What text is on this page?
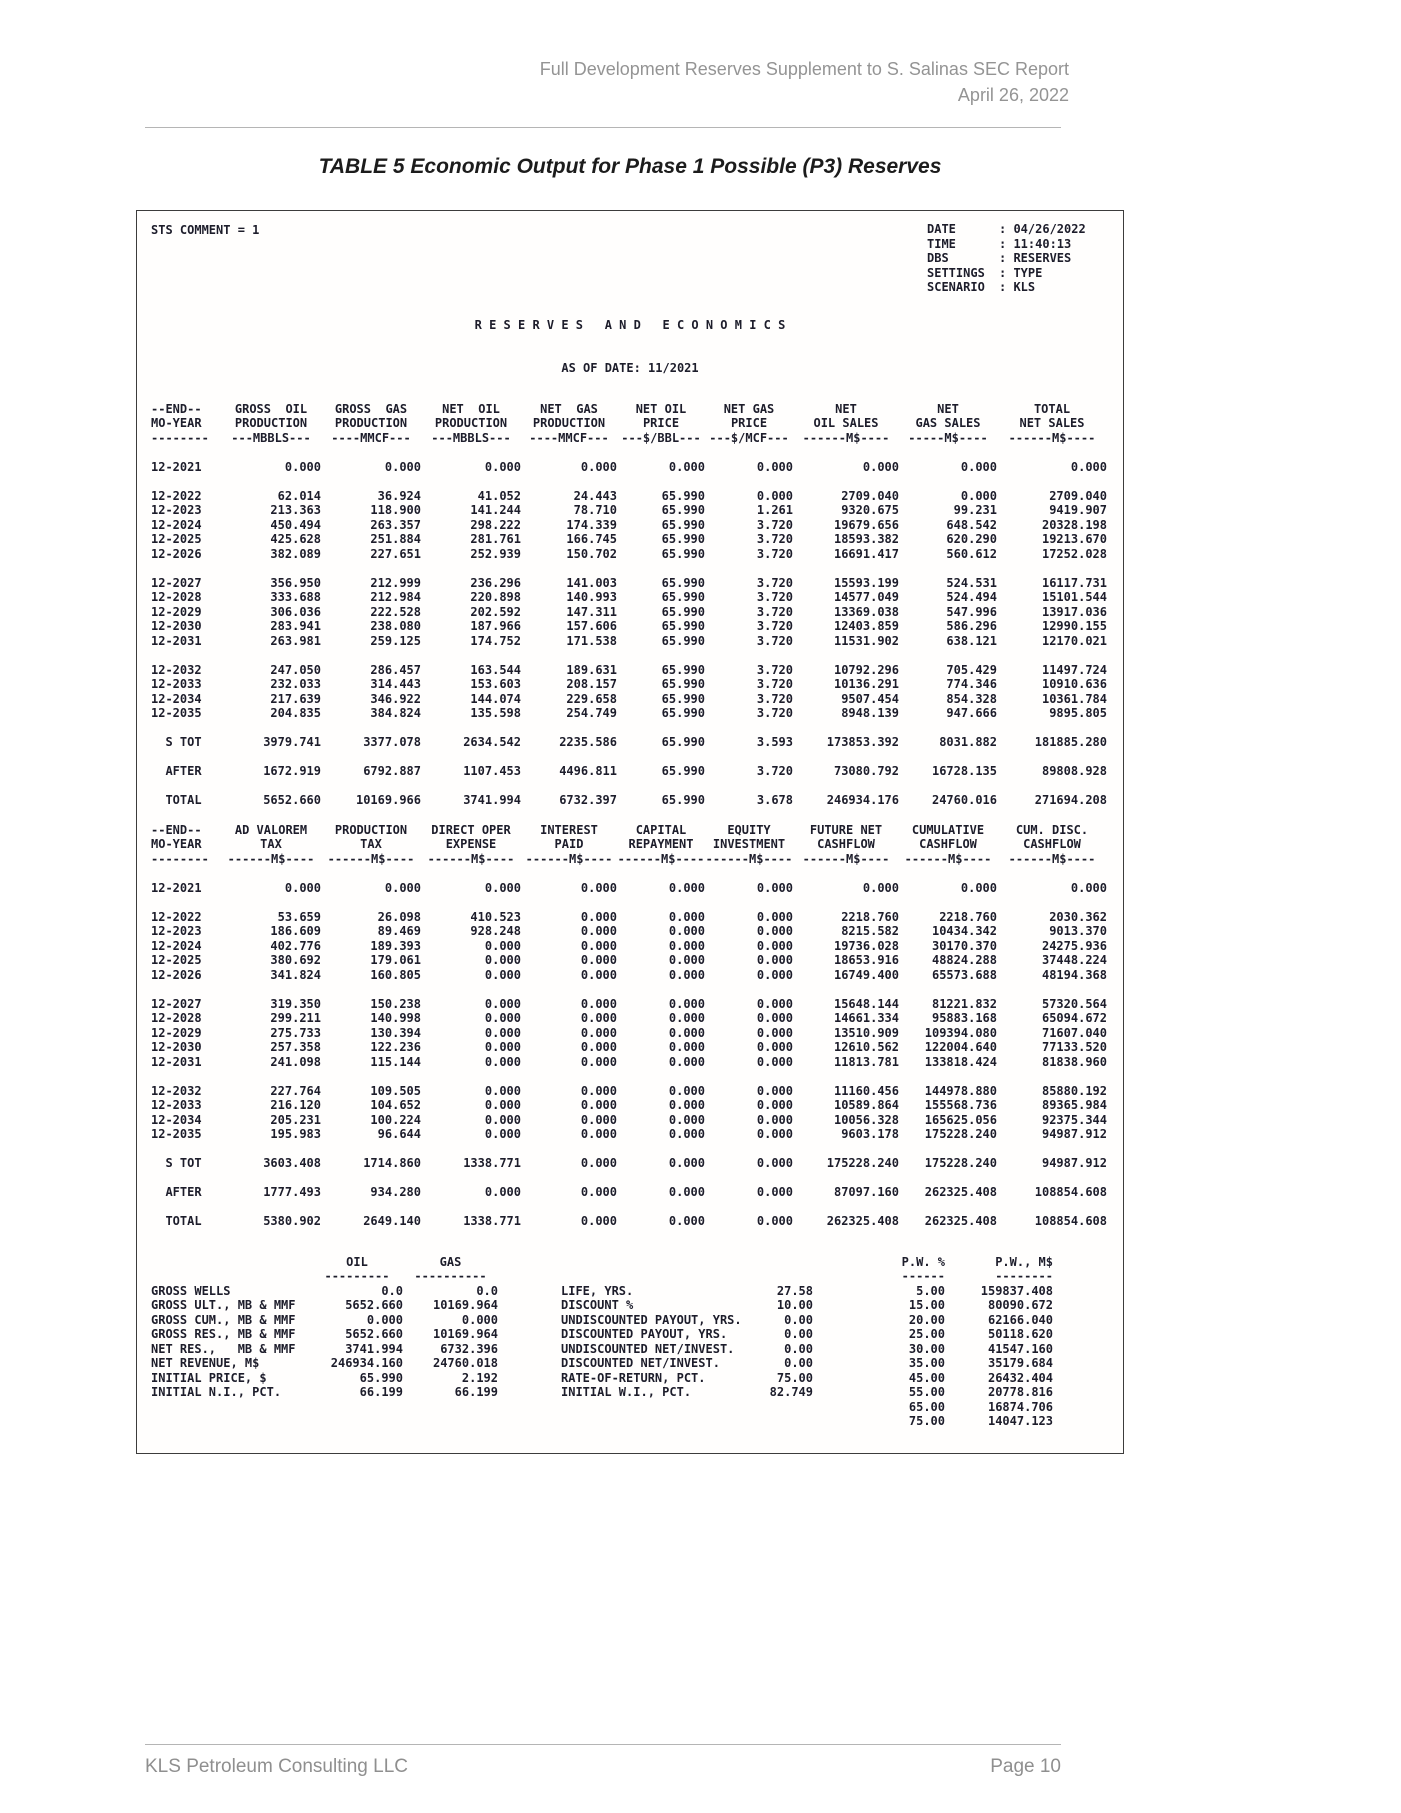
Full Development Reserves Supplement to S. Salinas SEC Report
April 26, 2022
TABLE 5 Economic Output for Phase 1 Possible (P3) Reserves
STS COMMENT = 1	DATE	: 04/26/2022
TIME	: 11:40:13
DBS	: RESERVES
SETTINGS	: TYPE
SCENARIO	: KLS
R E S E R V E S   A N D   E C O N O M I C S
AS OF DATE: 11/2021
--END--	GROSS  OIL	GROSS  GAS	NET  OIL	NET  GAS	NET OIL	NET GAS	NET	NET	TOTAL
MO-YEAR	PRODUCTION	PRODUCTION	PRODUCTION	PRODUCTION	PRICE	PRICE	OIL SALES	GAS SALES	NET SALES
--------	---MBBLS---	----MMCF---	---MBBLS---	----MMCF---	---$/BBL---	---$/MCF---	------M$----	-----M$----	------M$----

12-2021	0.000	0.000	0.000	0.000	0.000	0.000	0.000	0.000	0.000

12-2022	62.014	36.924	41.052	24.443	65.990	0.000	2709.040	0.000	2709.040
12-2023	213.363	118.900	141.244	78.710	65.990	1.261	9320.675	99.231	9419.907
12-2024	450.494	263.357	298.222	174.339	65.990	3.720	19679.656	648.542	20328.198
12-2025	425.628	251.884	281.761	166.745	65.990	3.720	18593.382	620.290	19213.670
12-2026	382.089	227.651	252.939	150.702	65.990	3.720	16691.417	560.612	17252.028

12-2027	356.950	212.999	236.296	141.003	65.990	3.720	15593.199	524.531	16117.731
12-2028	333.688	212.984	220.898	140.993	65.990	3.720	14577.049	524.494	15101.544
12-2029	306.036	222.528	202.592	147.311	65.990	3.720	13369.038	547.996	13917.036
12-2030	283.941	238.080	187.966	157.606	65.990	3.720	12403.859	586.296	12990.155
12-2031	263.981	259.125	174.752	171.538	65.990	3.720	11531.902	638.121	12170.021

12-2032	247.050	286.457	163.544	189.631	65.990	3.720	10792.296	705.429	11497.724
12-2033	232.033	314.443	153.603	208.157	65.990	3.720	10136.291	774.346	10910.636
12-2034	217.639	346.922	144.074	229.658	65.990	3.720	9507.454	854.328	10361.784
12-2035	204.835	384.824	135.598	254.749	65.990	3.720	8948.139	947.666	9895.805

S TOT	3979.741	3377.078	2634.542	2235.586	65.990	3.593	173853.392	8031.882	181885.280

AFTER	1672.919	6792.887	1107.453	4496.811	65.990	3.720	73080.792	16728.135	89808.928

TOTAL	5652.660	10169.966	3741.994	6732.397	65.990	3.678	246934.176	24760.016	271694.208
--END--	AD VALOREM	PRODUCTION	DIRECT OPER	INTEREST	CAPITAL	EQUITY	FUTURE NET	CUMULATIVE	CUM. DISC.
MO-YEAR	TAX	TAX	EXPENSE	PAID	REPAYMENT	INVESTMENT	CASHFLOW	CASHFLOW	CASHFLOW
--------	------M$----	------M$----	------M$----	------M$----	------M$----	------M$----	------M$----	------M$----	------M$----

12-2021	0.000	0.000	0.000	0.000	0.000	0.000	0.000	0.000	0.000

12-2022	53.659	26.098	410.523	0.000	0.000	0.000	2218.760	2218.760	2030.362
12-2023	186.609	89.469	928.248	0.000	0.000	0.000	8215.582	10434.342	9013.370
12-2024	402.776	189.393	0.000	0.000	0.000	0.000	19736.028	30170.370	24275.936
12-2025	380.692	179.061	0.000	0.000	0.000	0.000	18653.916	48824.288	37448.224
12-2026	341.824	160.805	0.000	0.000	0.000	0.000	16749.400	65573.688	48194.368

12-2027	319.350	150.238	0.000	0.000	0.000	0.000	15648.144	81221.832	57320.564
12-2028	299.211	140.998	0.000	0.000	0.000	0.000	14661.334	95883.168	65094.672
12-2029	275.733	130.394	0.000	0.000	0.000	0.000	13510.909	109394.080	71607.040
12-2030	257.358	122.236	0.000	0.000	0.000	0.000	12610.562	122004.640	77133.520
12-2031	241.098	115.144	0.000	0.000	0.000	0.000	11813.781	133818.424	81838.960

12-2032	227.764	109.505	0.000	0.000	0.000	0.000	11160.456	144978.880	85880.192
12-2033	216.120	104.652	0.000	0.000	0.000	0.000	10589.864	155568.736	89365.984
12-2034	205.231	100.224	0.000	0.000	0.000	0.000	10056.328	165625.056	92375.344
12-2035	195.983	96.644	0.000	0.000	0.000	0.000	9603.178	175228.240	94987.912

S TOT	3603.408	1714.860	1338.771	0.000	0.000	0.000	175228.240	175228.240	94987.912

AFTER	1777.493	934.280	0.000	0.000	0.000	0.000	87097.160	262325.408	108854.608

TOTAL	5380.902	2649.140	1338.771	0.000	0.000	0.000	262325.408	262325.408	108854.608
	OIL	GAS
	---------	----------
GROSS WELLS	0.0	0.0
GROSS ULT., MB & MMF	5652.660	10169.964
GROSS CUM., MB & MMF	0.000	0.000
GROSS RES., MB & MMF	5652.660	10169.964
NET RES.,   MB & MMF	3741.994	6732.396
NET REVENUE, M$	246934.160	24760.018
INITIAL PRICE, $	65.990	2.192
INITIAL N.I., PCT.	66.199	66.199
LIFE, YRS.	27.58
DISCOUNT %	10.00
UNDISCOUNTED PAYOUT, YRS.	0.00
DISCOUNTED PAYOUT, YRS.	0.00
UNDISCOUNTED NET/INVEST.	0.00
DISCOUNTED NET/INVEST.	0.00
RATE-OF-RETURN, PCT.	75.00
INITIAL W.I., PCT.	82.749
P.W. %	P.W., M$
------	--------
5.00	159837.408
15.00	80090.672
20.00	62166.040
25.00	50118.620
30.00	41547.160
35.00	35179.684
45.00	26432.404
55.00	20778.816
65.00	16874.706
75.00	14047.123
KLS Petroleum Consulting LLC	Page 10
